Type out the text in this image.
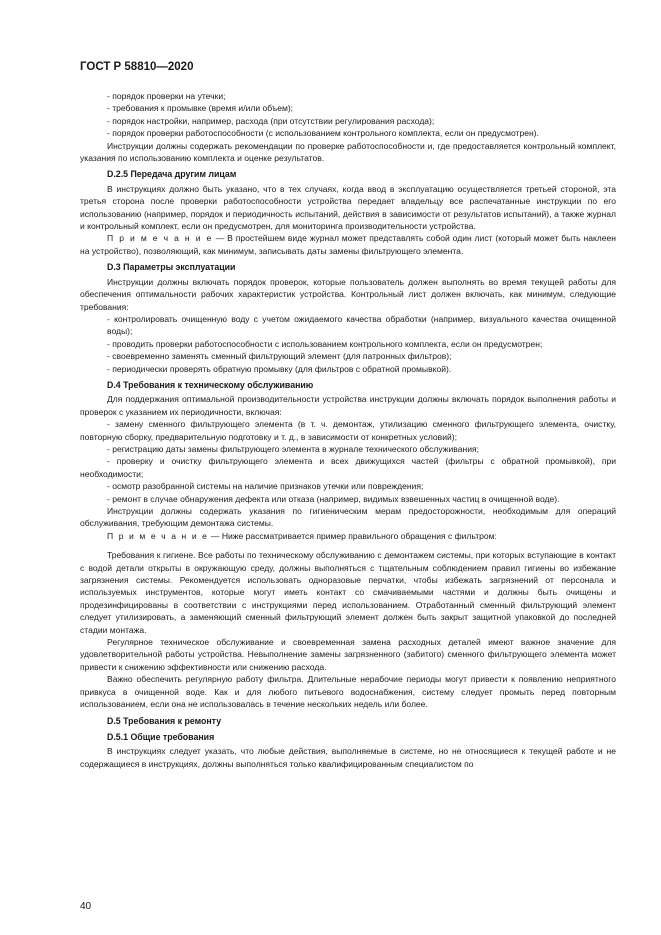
ГОСТ Р 58810—2020

- порядок проверки на утечки;

- требования к промывке (время и/или объем);

- порядок настройки, например, расхода (при отсутствии регулирования расхода);

- порядок проверки работоспособности (с использованием контрольного комплекта, если он предусмотрен).

Инструкции должны содержать рекомендации по проверке работоспособности и, где предоставляется контрольный комплект, указания по использованию комплекта и оценке результатов.

D.2.5 Передача другим лицам

В инструкциях должно быть указано, что в тех случаях, когда ввод в эксплуатацию осуществляется третьей стороной, эта третья сторона после проверки работоспособности устройства передает владельцу все распечатанные инструкции по его использованию (например, порядок и периодичность испытаний, действия в зависимости от результатов испытаний), а также журнал и контрольный комплект, если он предусмотрен, для мониторинга производительности устройства.

П р и м е ч а н и е — В простейшем виде журнал может представлять собой один лист (который может быть наклеен на устройство), позволяющий, как минимум, записывать даты замены фильтрующего элемента.

D.3 Параметры эксплуатации

Инструкции должны включать порядок проверок, которые пользователь должен выполнять во время текущей работы для обеспечения оптимальности рабочих характеристик устройства. Контрольный лист должен включать, как минимум, следующие требования:

- контролировать очищенную воду с учетом ожидаемого качества обработки (например, визуального качества очищенной воды);

- проводить проверки работоспособности с использованием контрольного комплекта, если он предусмотрен;

- своевременно заменять сменный фильтрующий элемент (для патронных фильтров);

- периодически проверять обратную промывку (для фильтров с обратной промывкой).

D.4 Требования к техническому обслуживанию

Для поддержания оптимальной производительности устройства инструкции должны включать порядок выполнения работы и проверок с указанием их периодичности, включая:

- замену сменного фильтрующего элемента (в т. ч. демонтаж, утилизацию сменного фильтрующего элемента, очистку, повторную сборку, предварительную подготовку и т. д., в зависимости от конкретных условий);

- регистрацию даты замены фильтрующего элемента в журнале технического обслуживания;

- проверку и очистку фильтрующего элемента и всех движущихся частей (фильтры с обратной промывкой), при необходимости;

- осмотр разобранной системы на наличие признаков утечки или повреждения;

- ремонт в случае обнаружения дефекта или отказа (например, видимых взвешенных частиц в очищенной воде).

Инструкции должны содержать указания по гигиеническим мерам предосторожности, необходимым для операций обслуживания, требующим демонтажа системы.

П р и м е ч а н и е — Ниже рассматривается пример правильного обращения с фильтром:

Требования к гигиене. Все работы по техническому обслуживанию с демонтажем системы, при которых вступающие в контакт с водой детали открыты в окружающую среду, должны выполняться с тщательным соблюдением правил гигиены во избежание загрязнения системы. Рекомендуется использовать одноразовые перчатки, чтобы избежать загрязнений от персонала и используемых инструментов, которые могут иметь контакт со смачиваемыми частями и должны быть очищены и продезинфицированы в соответствии с инструкциями перед использованием. Отработанный сменный фильтрующий элемент следует утилизировать, а заменяющий сменный фильтрующий элемент должен быть закрыт защитной упаковкой до последней стадии монтажа.

Регулярное техническое обслуживание и своевременная замена расходных деталей имеют важное значение для удовлетворительной работы устройства. Невыполнение замены загрязненного (забитого) сменного фильтрующего элемента может привести к снижению эффективности или снижению расхода.

Важно обеспечить регулярную работу фильтра. Длительные нерабочие периоды могут привести к появлению неприятного привкуса в очищенной воде. Как и для любого питьевого водоснабжения, систему следует промыть перед повторным использованием, если она не использовалась в течение нескольких недель или более.

D.5 Требования к ремонту
D.5.1 Общие требования

В инструкциях следует указать, что любые действия, выполняемые в системе, но не относящиеся к текущей работе и не содержащиеся в инструкциях, должны выполняться только квалифицированным специалистом по

40
